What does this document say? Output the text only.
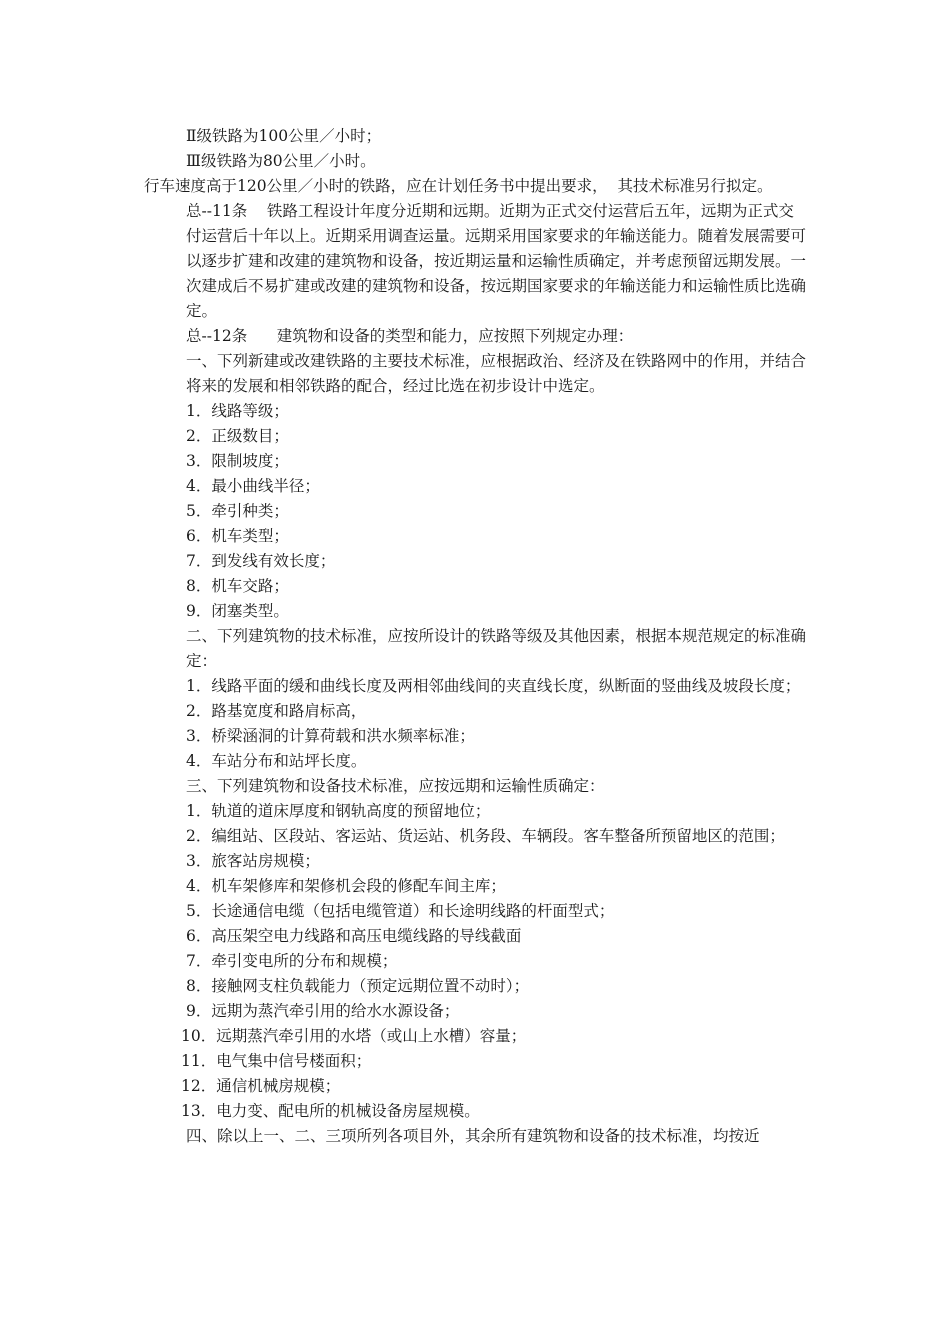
Ⅱ级铁路为100公里／小时；
Ⅲ级铁路为80公里／小时。
行车速度高于120公里／小时的铁路，应在计划任务书中提出要求，  其技术标准另行拟定。
总--11条    铁路工程设计年度分近期和远期。近期为正式交付运营后五年，远期为正式交付运营后十年以上。近期采用调查运量。远期采用国家要求的年输送能力。随着发展需要可以逐步扩建和改建的建筑物和设备，按近期运量和运输性质确定，并考虑预留远期发展。一次建成后不易扩建或改建的建筑物和设备，按远期国家要求的年输送能力和运输性质比选确定。
总--12条      建筑物和设备的类型和能力，应按照下列规定办理：
一、下列新建或改建铁路的主要技术标准，应根据政治、经济及在铁路网中的作用，并结合将来的发展和相邻铁路的配合，经过比选在初步设计中选定。
1．线路等级；
2．正级数目；
3．限制坡度；
4．最小曲线半径；
5．牵引种类；
6．机车类型；
7．到发线有效长度；
8．机车交路；
9．闭塞类型。
二、下列建筑物的技术标准，应按所设计的铁路等级及其他因素，根据本规范规定的标准确定：
1．线路平面的缓和曲线长度及两相邻曲线间的夹直线长度，纵断面的竖曲线及坡段长度；
2．路基宽度和路肩标高，
3．桥梁涵洞的计算荷载和洪水频率标准；
4．车站分布和站坪长度。
三、下列建筑物和设备技术标准，应按远期和运输性质确定：
1．轨道的道床厚度和钢轨高度的预留地位；
2．编组站、区段站、客运站、货运站、机务段、车辆段。客车整备所预留地区的范围；
3．旅客站房规模；
4．机车架修库和架修机会段的修配车间主库；
5．长途通信电缆（包括电缆管道）和长途明线路的杆面型式；
6．高压架空电力线路和高压电缆线路的导线截面
7．牵引变电所的分布和规模；
8．接触网支柱负载能力（预定远期位置不动时）；
9．远期为蒸汽牵引用的给水水源设备；
10．远期蒸汽牵引用的水塔（或山上水槽）容量；
11．电气集中信号楼面积；
12．通信机械房规模；
13．电力变、配电所的机械设备房屋规模。
四、除以上一、二、三项所列各项目外，其余所有建筑物和设备的技术标准，均按近
